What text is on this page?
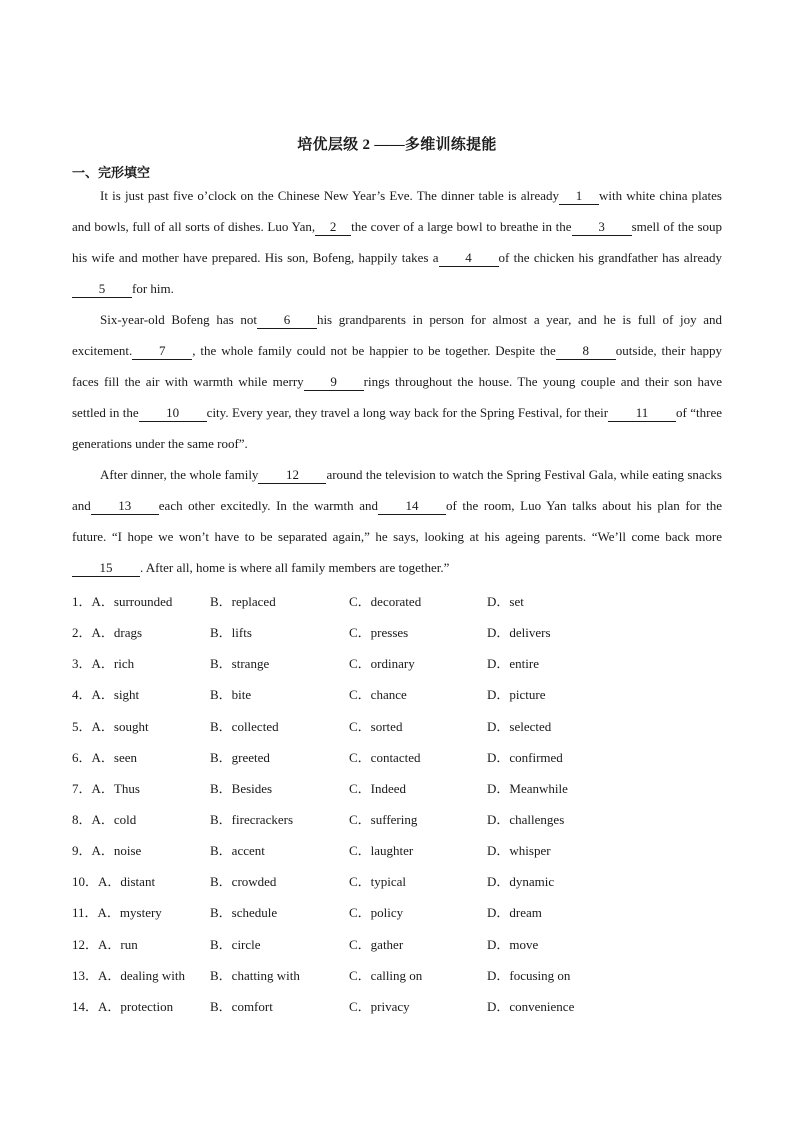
培优层级 2 ——多维训练提能
一、完形填空

It is just past five o’clock on the Chinese New Year’s Eve. The dinner table is already 1 with white china plates and bowls, full of all sorts of dishes. Luo Yan, 2 the cover of a large bowl to breathe in the 3 smell of the soup his wife and mother have prepared. His son, Bofeng, happily takes a 4 of the chicken his grandfather has already5 for him.

Six-year-old Bofeng has not 6 his grandparents in person for almost a year, and he is full of joy and excitement. 7 , the whole family could not be happier to be together. Despite the 8 outside, their happy faces fill the air with warmth while merry 9 rings throughout the house. The young couple and their son have settled in the 10 city. Every year, they travel a long way back for the Spring Festival, for their 11 of “three generations under the same roof”.

After dinner, the whole family 12 around the television to watch the Spring Festival Gala, while eating snacks and 13 each other excitedly. In the warmth and 14 of the room, Luo Yan talks about his plan for the future. “I hope we won’t have to be separated again,” he says, looking at his ageing parents. “We’ll come back more15 . After all, home is where all family members are together.”

1．A．surrounded	B．replaced	C．decorated	D．set
2．A．drags	B．lifts	C．presses	D．delivers
3．A．rich	B．strange	C．ordinary	D．entire
4．A．sight	B．bite	C．chance	D．picture
5．A．sought	B．collected	C．sorted	D．selected
6．A．seen	B．greeted	C．contacted	D．confirmed
7．A．Thus	B．Besides	C．Indeed	D．Meanwhile
8．A．cold	B．firecrackers	C．suffering	D．challenges
9．A．noise	B．accent	C．laughter	D．whisper
10．A．distant	B．crowded	C．typical	D．dynamic
11．A．mystery	B．schedule	C．policy	D．dream
12．A．run	B．circle	C．gather	D．move
13．A．dealing with B．chatting with	C．calling on	D．focusing on
14．A．protection	B．comfort	C．privacy	D．convenience
